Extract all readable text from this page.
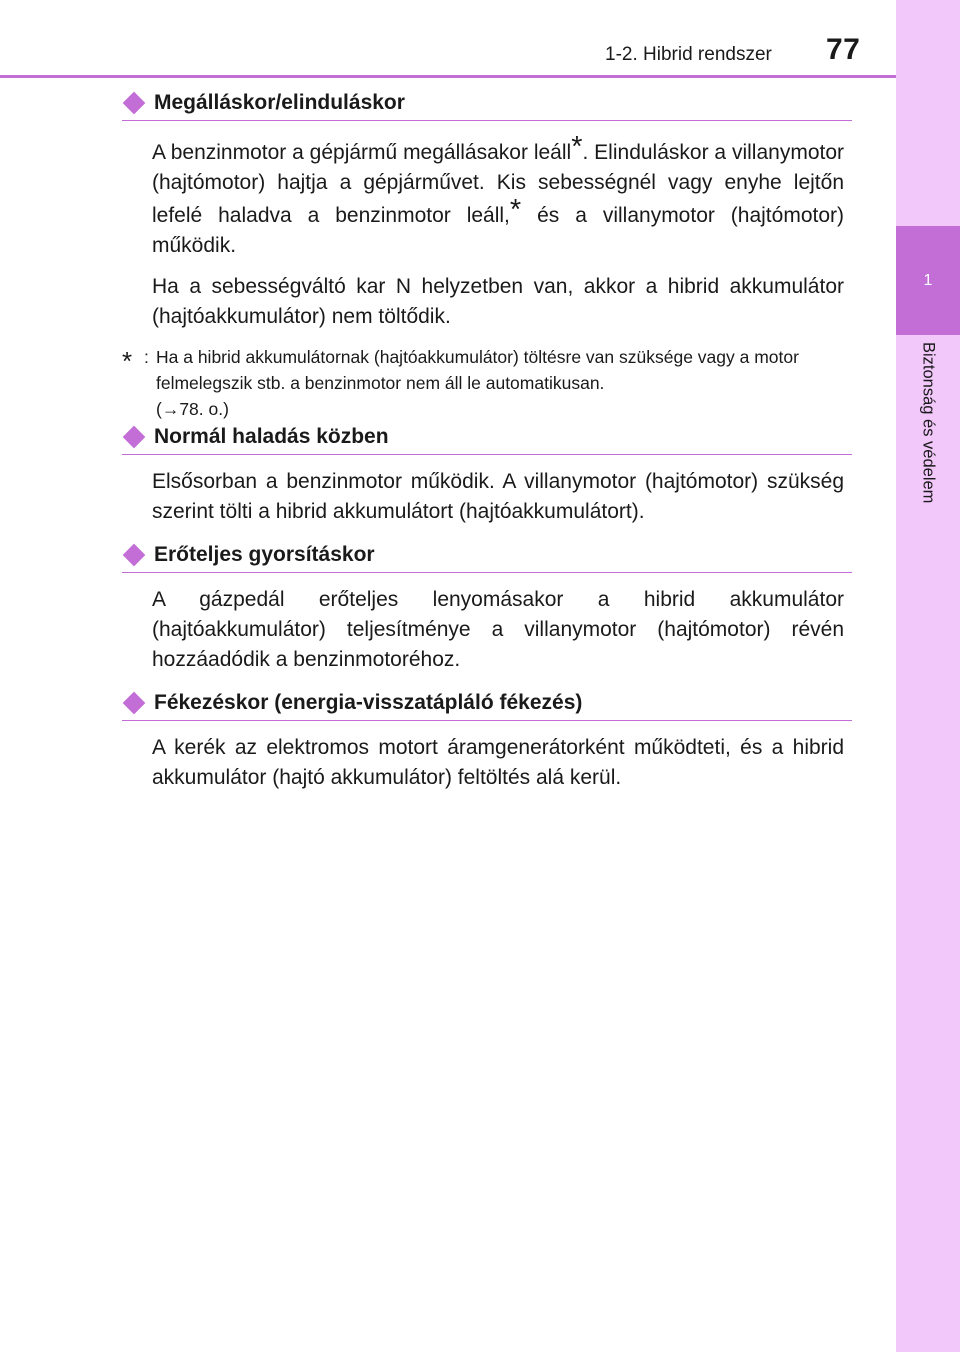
1-2. Hibrid rendszer 77
1
Biztonság és védelem
Megálláskor/elinduláskor

A benzinmotor a gépjármű megállásakor leáll*. Elinduláskor a villanymotor (hajtómotor) hajtja a gépjárművet. Kis sebességnél vagy enyhe lejtőn lefelé haladva a benzinmotor leáll,* és a villanymotor (hajtómotor) működik.

Ha a sebességváltó kar N helyzetben van, akkor a hibrid akkumulátor (hajtóakkumulátor) nem töltődik.

* : Ha a hibrid akkumulátornak (hajtóakkumulátor) töltésre van szüksége vagy a motor felmelegszik stb. a benzinmotor nem áll le automatikusan.
(→78. o.)
Normál haladás közben

Elsősorban a benzinmotor működik. A villanymotor (hajtómotor) szükség szerint tölti a hibrid akkumulátort (hajtóakkumulátort).

Erőteljes gyorsításkor

A gázpedál erőteljes lenyomásakor a hibrid akkumulátor (hajtóakkumulátor) teljesítménye a villanymotor (hajtómotor) révén hozzáadódik a benzinmotoréhoz.

Fékezéskor (energia-visszatápláló fékezés)

A kerék az elektromos motort áramgenerátorként működteti, és a hibrid akkumulátor (hajtó akkumulátor) feltöltés alá kerül.
